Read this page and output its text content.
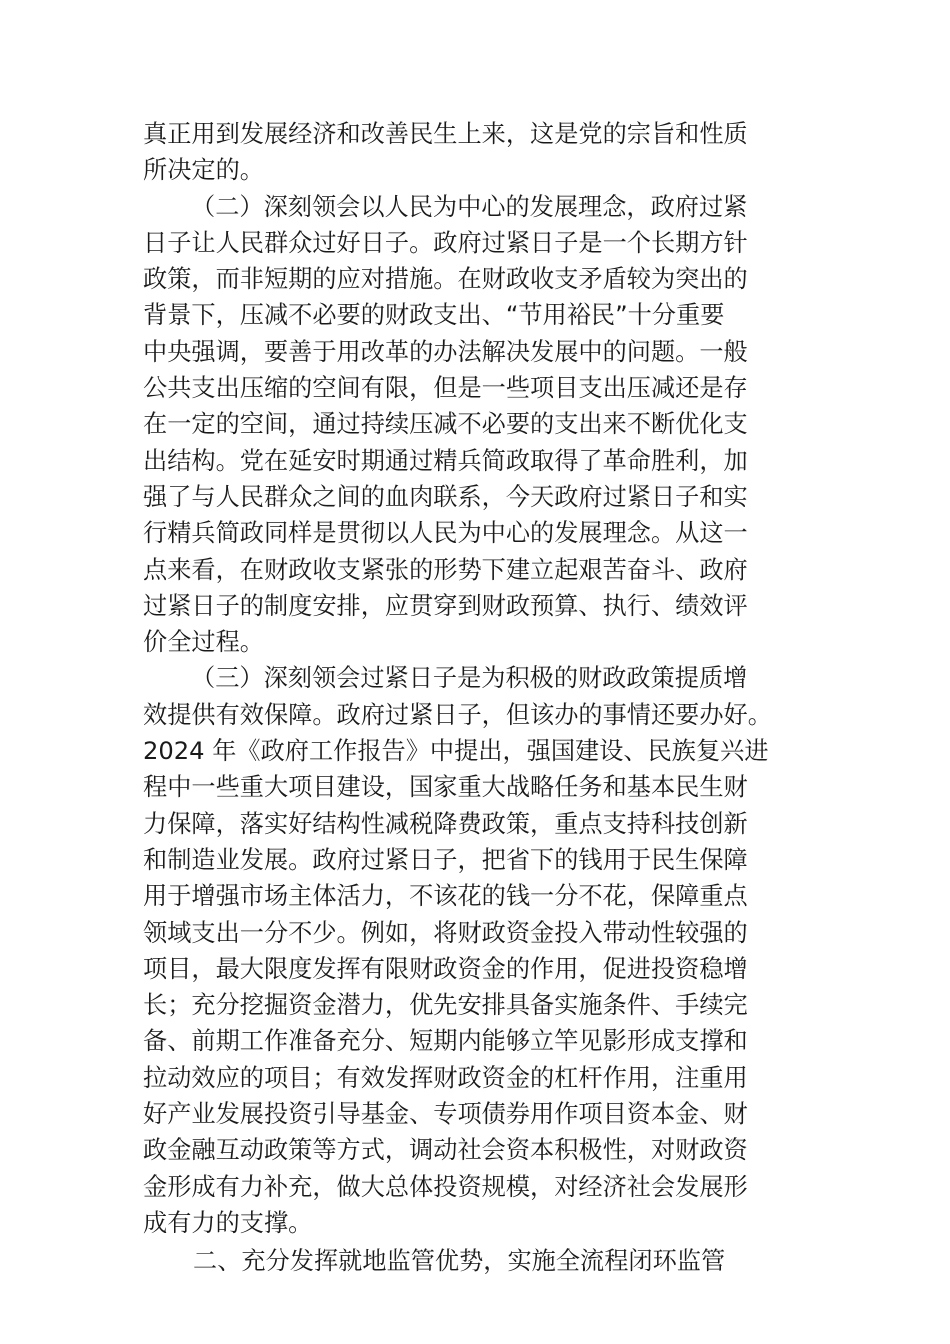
真正用到发展经济和改善民生上来，这是党的宗旨和性质
所决定的。
（二）深刻领会以人民为中心的发展理念，政府过紧
日子让人民群众过好日子。政府过紧日子是一个长期方针
政策，而非短期的应对措施。在财政收支矛盾较为突出的
背景下，压减不必要的财政支出、“节用裕民”十分重要
中央强调，要善于用改革的办法解决发展中的问题。一般
公共支出压缩的空间有限，但是一些项目支出压减还是存
在一定的空间，通过持续压减不必要的支出来不断优化支
出结构。党在延安时期通过精兵简政取得了革命胜利，加
强了与人民群众之间的血肉联系，今天政府过紧日子和实
行精兵简政同样是贯彻以人民为中心的发展理念。从这一
点来看，在财政收支紧张的形势下建立起艰苦奋斗、政府
过紧日子的制度安排，应贯穿到财政预算、执行、绩效评
价全过程。
（三）深刻领会过紧日子是为积极的财政政策提质增
效提供有效保障。政府过紧日子，但该办的事情还要办好。
2024 年《政府工作报告》中提出，强国建设、民族复兴进
程中一些重大项目建设，国家重大战略任务和基本民生财
力保障，落实好结构性减税降费政策，重点支持科技创新
和制造业发展。政府过紧日子，把省下的钱用于民生保障
用于增强市场主体活力，不该花的钱一分不花，保障重点
领域支出一分不少。例如，将财政资金投入带动性较强的
项目，最大限度发挥有限财政资金的作用，促进投资稳增
长；充分挖掘资金潜力，优先安排具备实施条件、手续完
备、前期工作准备充分、短期内能够立竿见影形成支撑和
拉动效应的项目；有效发挥财政资金的杠杆作用，注重用
好产业发展投资引导基金、专项债券用作项目资本金、财
政金融互动政策等方式，调动社会资本积极性，对财政资
金形成有力补充，做大总体投资规模，对经济社会发展形
成有力的支撑。
二、充分发挥就地监管优势，实施全流程闭环监管
